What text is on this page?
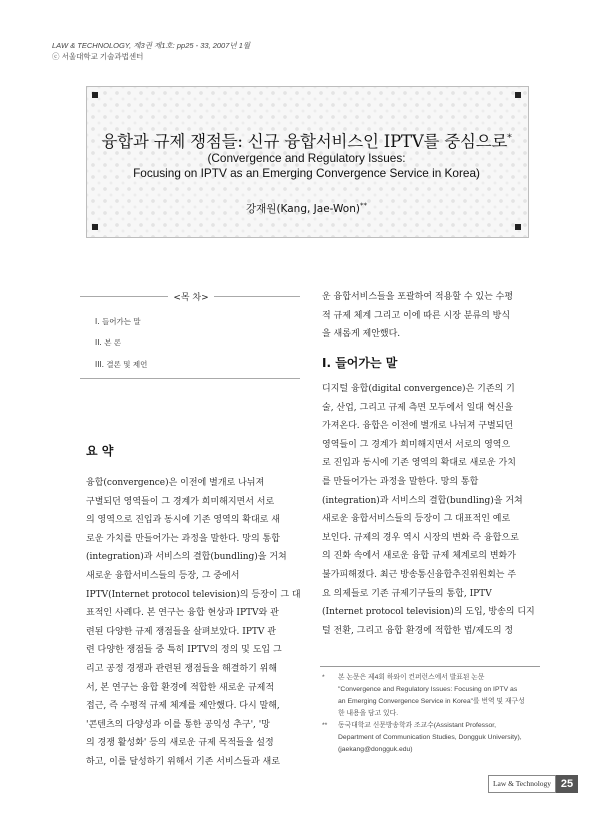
LAW & TECHNOLOGY, 제3권 제1호: pp25 - 33, 2007년 1월
ⓒ 서울대학교 기술과법센터
융합과 규제 쟁점들: 신규 융합서비스인 IPTV를 중심으로*
(Convergence and Regulatory Issues:
Focusing on IPTV as an Emerging Convergence Service in Korea)
강재원(Kang, Jae-Won)**
<목 차>
I. 들어가는 말
II. 본 론
III. 결론 및 제언
요 약
융합(convergence)은 이전에 별개로 나뉘져
구별되던 영역들이 그 경계가 희미해지면서 서로
의 영역으로 진입과 동시에 기존 영역의 확대로 새
로운 가치를 만들어가는 과정을 말한다. 망의 통합
(integration)과 서비스의 결합(bundling)을 거쳐
새로운 융합서비스들의 등장, 그 중에서
IPTV(Internet protocol television)의 등장이 그 대
표적인 사례다. 본 연구는 융합 현상과 IPTV와 관
련된 다양한 규제 쟁점들을 살펴보았다. IPTV 관
련 다양한 쟁점들 중 특히 IPTV의 정의 및 도입 그
리고 공정 경쟁과 관련된 쟁점들을 해결하기 위해
서, 본 연구는 융합 환경에 적합한 새로운 규제적
접근, 즉 수평적 규제 체계를 제안했다. 다시 말해,
'콘텐츠의 다양성과 이를 통한 공익성 추구', '망
의 경쟁 활성화' 등의 새로운 규제 목적들을 설정
하고, 이를 달성하기 위해서 기존 서비스들과 새로
운 융합서비스들을 포괄하여 적용할 수 있는 수평
적 규제 체계 그리고 이에 따른 시장 분류의 방식
을 새롭게 제안했다.
I. 들어가는 말
디지털 융합(digital convergence)은 기존의 기
술, 산업, 그리고 규제 측면 모두에서 일대 혁신을
가져온다. 융합은 이전에 별개로 나뉘져 구별되던
영역들이 그 경계가 희미해지면서 서로의 영역으
로 진입과 동시에 기존 영역의 확대로 새로운 가치
를 만들어가는 과정을 말한다. 망의 통합
(integration)과 서비스의 결합(bundling)을 거쳐
새로운 융합서비스들의 등장이 그 대표적인 예로
보인다. 규제의 경우 역시 시장의 변화 즉 융합으로
의 진화 속에서 새로운 융합 규제 체계로의 변화가
불가피해졌다. 최근 방송통신융합추진위원회는 주
요 의제들로 기존 규제기구들의 통합, IPTV
(Internet protocol television)의 도입, 방송의 디지
털 전환, 그리고 융합 환경에 적합한 법/제도의 정
* 본 논문은 제4회 하와이 컨퍼런스에서 발표된 논문
"Convergence and Regulatory Issues: Focusing on IPTV as
an Emerging Convergence Service in Korea"를 번역 및 재구성
한 내용을 담고 있다.
** 동국대학교 신문방송학과 조교수(Assistant Professor,
Department of Communication Studies, Dongguk University),
(jaekang@dongguk.edu)
Law & Technology 25
